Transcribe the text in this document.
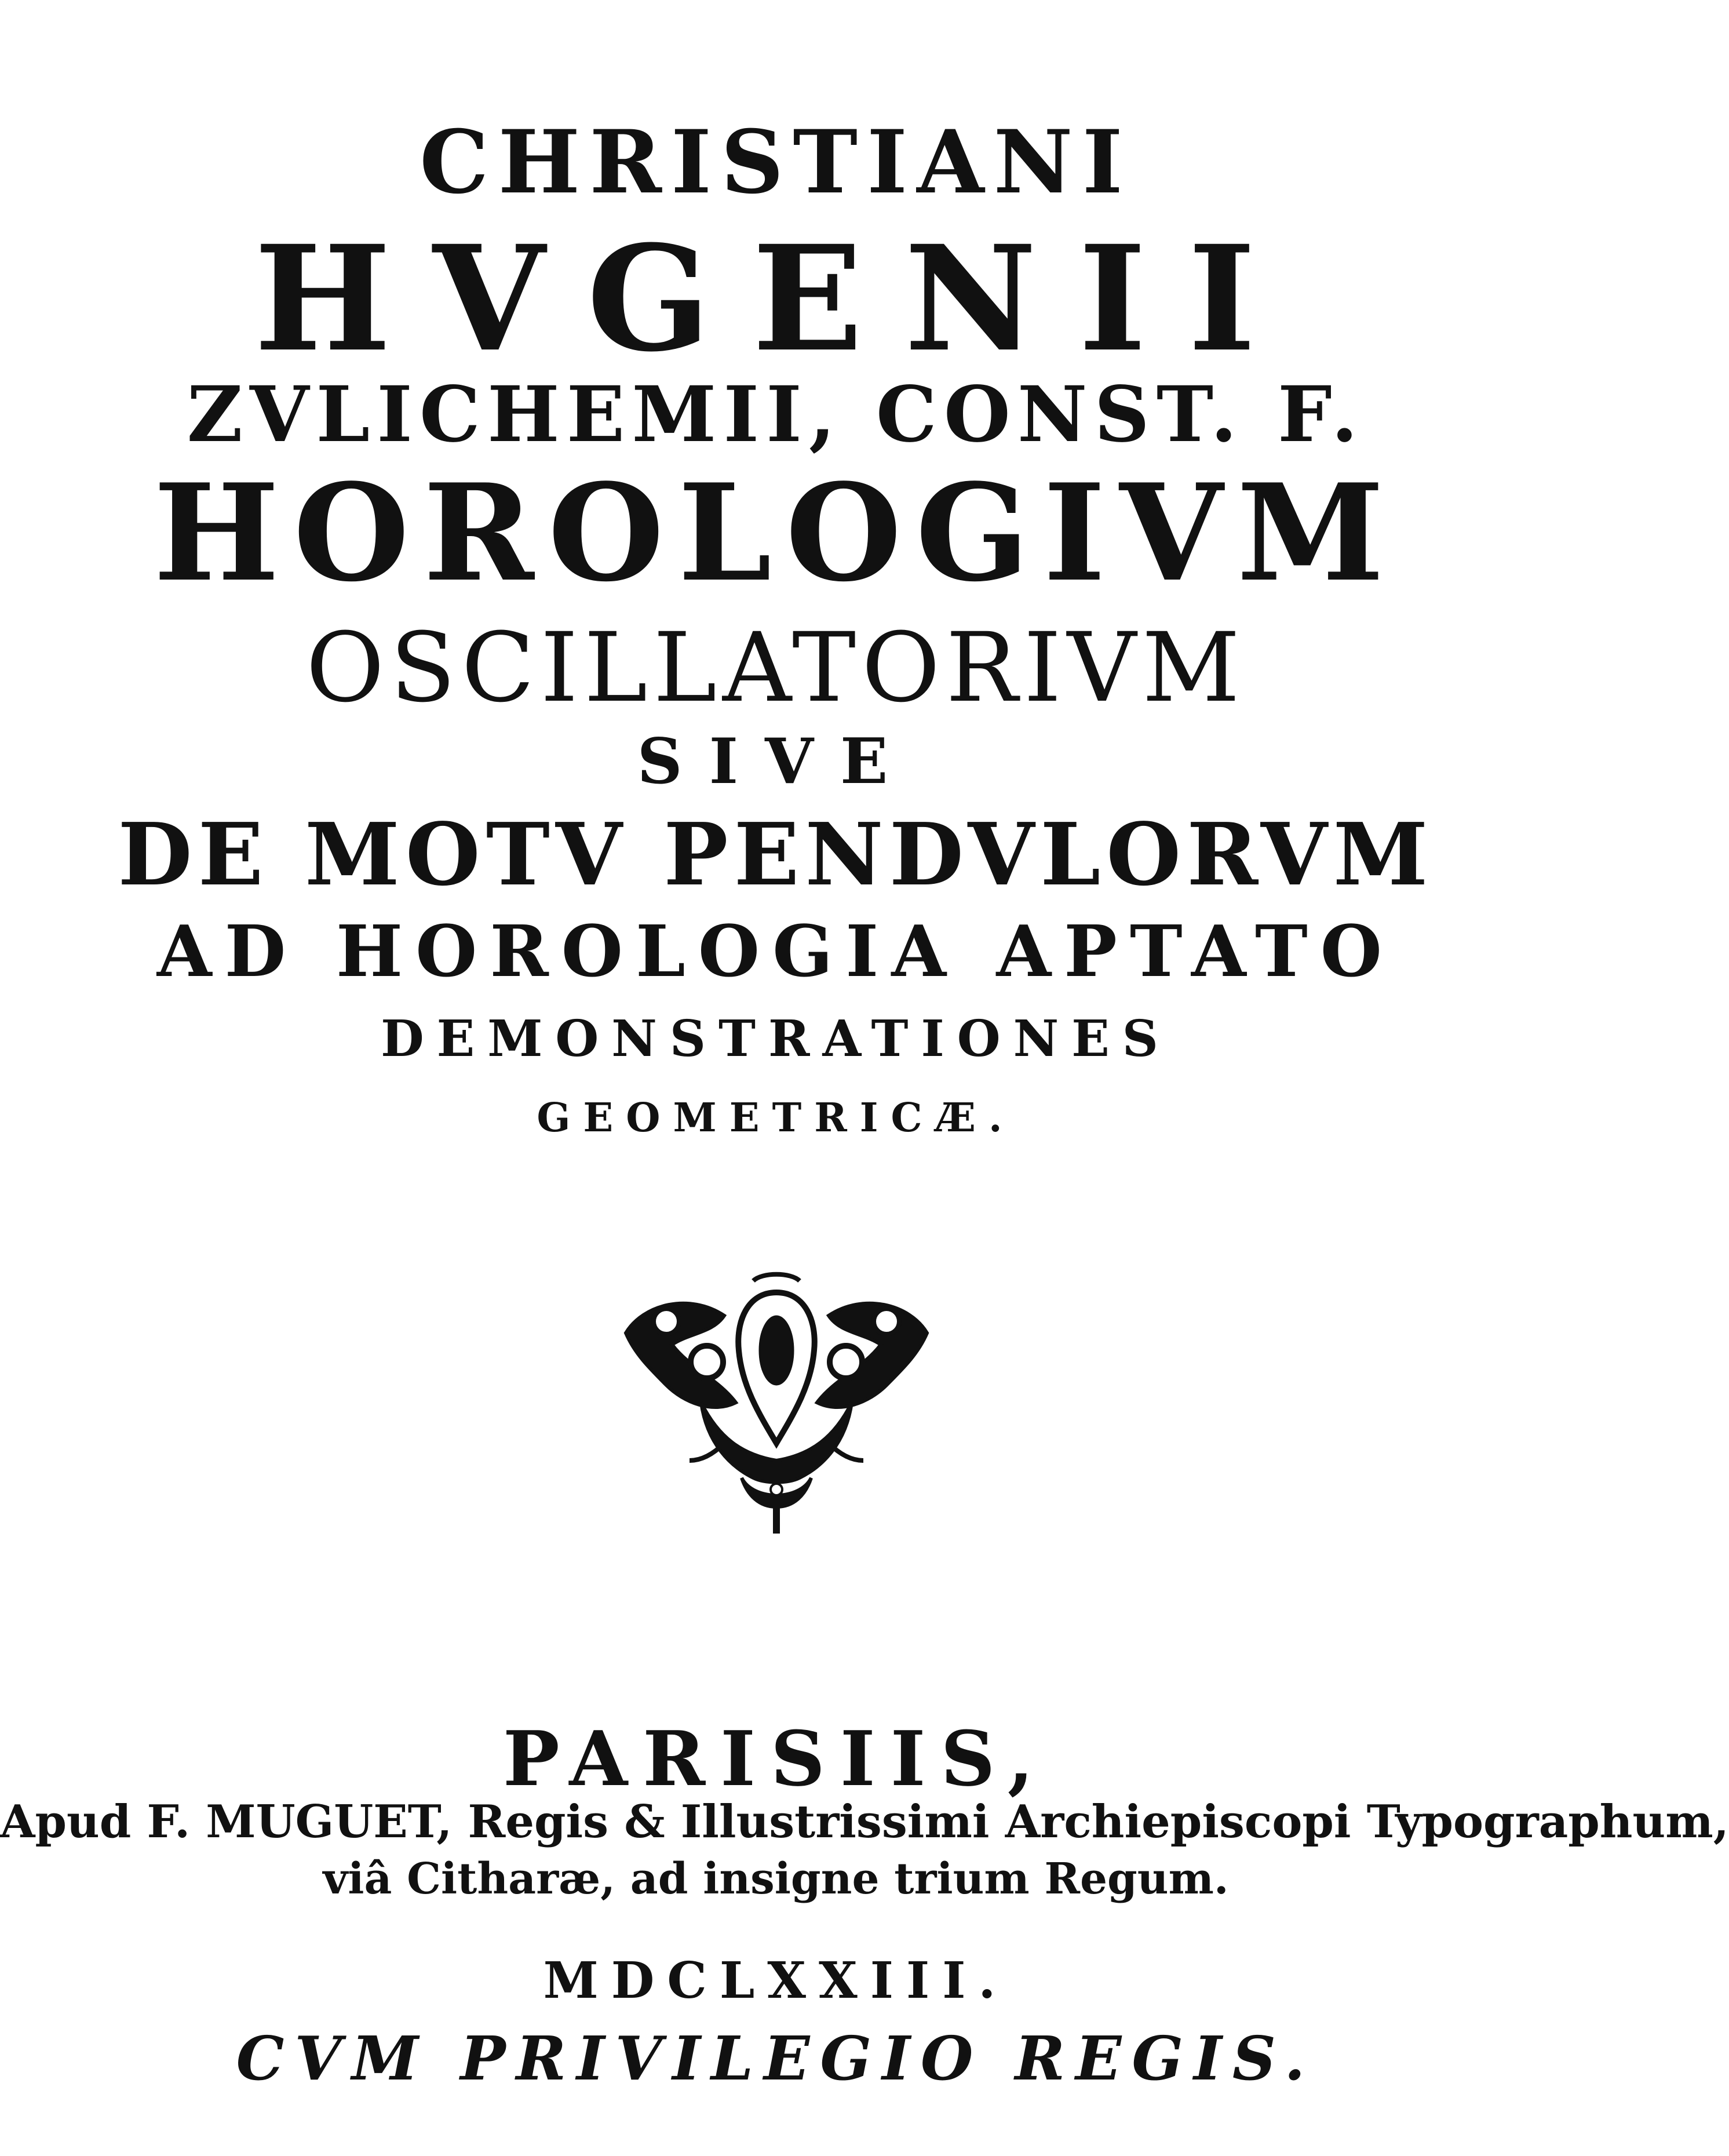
CHRISTIANI
HVGENII
ZVLICHEMII, CONST. F.
HOROLOGIVM
OSCILLATORIVM
SIVE
DE MOTV PENDVLORVM
AD HOROLOGIA APTATO
DEMONSTRATIONES
GEOMETRICÆ.
PARISIIS,
Apud F. MUGUET, Regis & Illustrissimi Archiepiscopi Typographum,
viâ Citharæ, ad insigne trium Regum.
MDCLXXIII.
CVM PRIVILEGIO REGIS.
